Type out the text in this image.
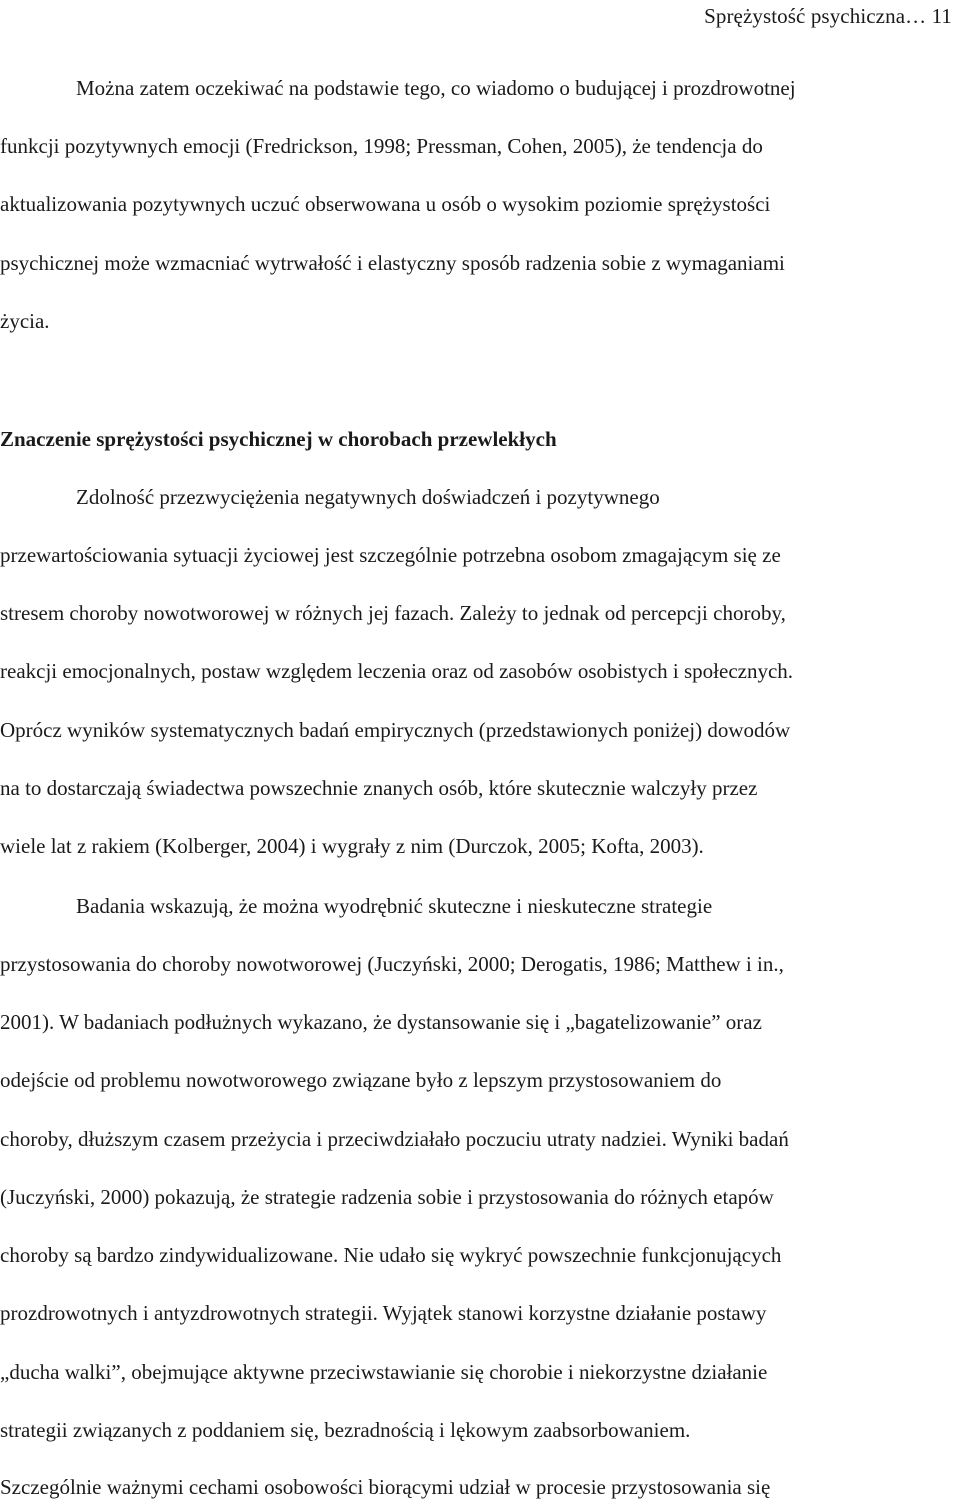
Sprężystość psychiczna… 11
Można zatem oczekiwać na podstawie tego, co wiadomo o budującej i prozdrowotnej
funkcji pozytywnych emocji (Fredrickson, 1998; Pressman, Cohen, 2005), że tendencja do
aktualizowania pozytywnych uczuć obserwowana u osób o wysokim poziomie sprężystości
psychicznej może wzmacniać wytrwałość i elastyczny sposób radzenia sobie z wymaganiami
życia.
Znaczenie sprężystości psychicznej w chorobach przewlekłych
Zdolność przezwyciężenia negatywnych doświadczeń i pozytywnego
przewartościowania sytuacji życiowej jest szczególnie potrzebna osobom zmagającym się ze
stresem choroby nowotworowej w różnych jej fazach. Zależy to jednak od percepcji choroby,
reakcji emocjonalnych, postaw względem leczenia oraz od zasobów osobistych i społecznych.
Oprócz wyników systematycznych badań empirycznych (przedstawionych poniżej) dowodów
na to dostarczają świadectwa powszechnie znanych osób, które skutecznie walczyły przez
wiele lat z rakiem (Kolberger, 2004) i wygrały z nim (Durczok, 2005; Kofta, 2003).
Badania wskazują, że można wyodrębnić skuteczne i nieskuteczne strategie
przystosowania do choroby nowotworowej (Juczyński, 2000; Derogatis, 1986; Matthew i in.,
2001). W badaniach podłużnych wykazano, że dystansowanie się i „bagatelizowanie” oraz
odejście od problemu nowotworowego związane było z lepszym przystosowaniem do
choroby, dłuższym czasem przeżycia i przeciwdziałało poczuciu utraty nadziei. Wyniki badań
(Juczyński, 2000) pokazują, że strategie radzenia sobie i przystosowania do różnych etapów
choroby są bardzo zindywidualizowane. Nie udało się wykryć powszechnie funkcjonujących
prozdrowotnych i antyzdrowotnych strategii. Wyjątek stanowi korzystne działanie postawy
„ducha walki”, obejmujące aktywne przeciwstawianie się chorobie i niekorzystne działanie
strategii związanych z poddaniem się, bezradnością i lękowym zaabsorbowaniem.
Szczególnie ważnymi cechami osobowości biorącymi udział w procesie przystosowania się
